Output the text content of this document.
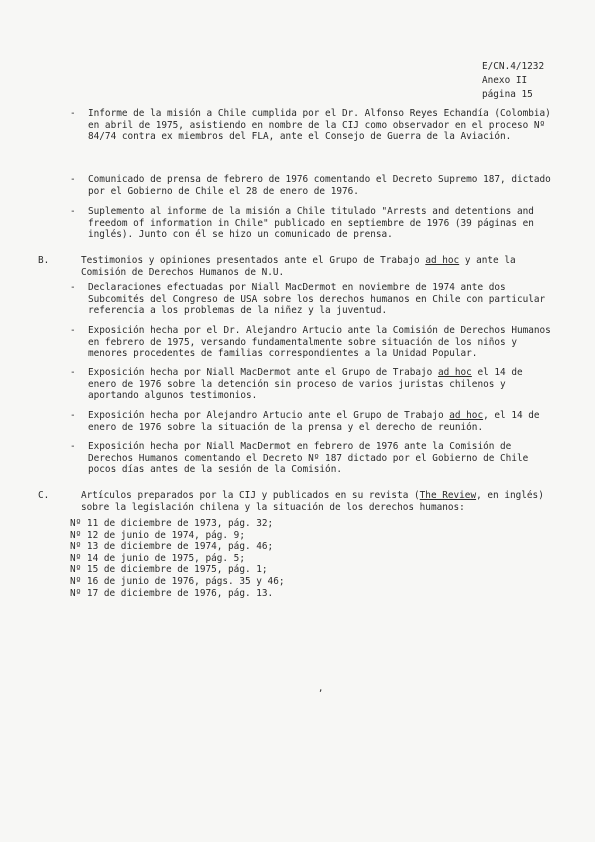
E/CN.4/1232
Anexo II
página 15
-	Informe de la misión a Chile cumplida por el Dr. Alfonso Reyes Echandía (Colombia) en abril de 1975, asistiendo en nombre de la CIJ como observador en el proceso Nº 84/74 contra ex miembros del FLA, ante el Consejo de Guerra de la Aviación.
-	Comunicado de prensa de febrero de 1976 comentando el Decreto Supremo 187, dictado por el Gobierno de Chile el 28 de enero de 1976.
-	Suplemento al informe de la misión a Chile titulado "Arrests and detentions and freedom of information in Chile" publicado en septiembre de 1976 (39 páginas en inglés). Junto con él se hizo un comunicado de prensa.
B.	Testimonios y opiniones presentados ante el Grupo de Trabajo ad hoc y ante la Comisión de Derechos Humanos de N.U.
-	Declaraciones efectuadas por Niall MacDermot en noviembre de 1974 ante dos Subcomités del Congreso de USA sobre los derechos humanos en Chile con particular referencia a los problemas de la niñez y la juventud.
-	Exposición hecha por el Dr. Alejandro Artucio ante la Comisión de Derechos Humanos en febrero de 1975, versando fundamentalmente sobre situación de los niños y menores procedentes de familias correspondientes a la Unidad Popular.
-	Exposición hecha por Niall MacDermot ante el Grupo de Trabajo ad hoc el 14 de enero de 1976 sobre la detención sin proceso de varios juristas chilenos y aportando algunos testimonios.
-	Exposición hecha por Alejandro Artucio ante el Grupo de Trabajo ad hoc, el 14 de enero de 1976 sobre la situación de la prensa y el derecho de reunión.
-	Exposición hecha por Niall MacDermot en febrero de 1976 ante la Comisión de Derechos Humanos comentando el Decreto Nº 187 dictado por el Gobierno de Chile pocos días antes de la sesión de la Comisión.
C.	Artículos preparados por la CIJ y publicados en su revista (The Review, en inglés) sobre la legislación chilena y la situación de los derechos humanos:
Nº 11 de diciembre de 1973, pág. 32;
Nº 12 de junio de 1974, pág. 9;
Nº 13 de diciembre de 1974, pág. 46;
Nº 14 de junio de 1975, pág. 5;
Nº 15 de diciembre de 1975, pág. 1;
Nº 16 de junio de 1976, págs. 35 y 46;
Nº 17 de diciembre de 1976, pág. 13.
,
